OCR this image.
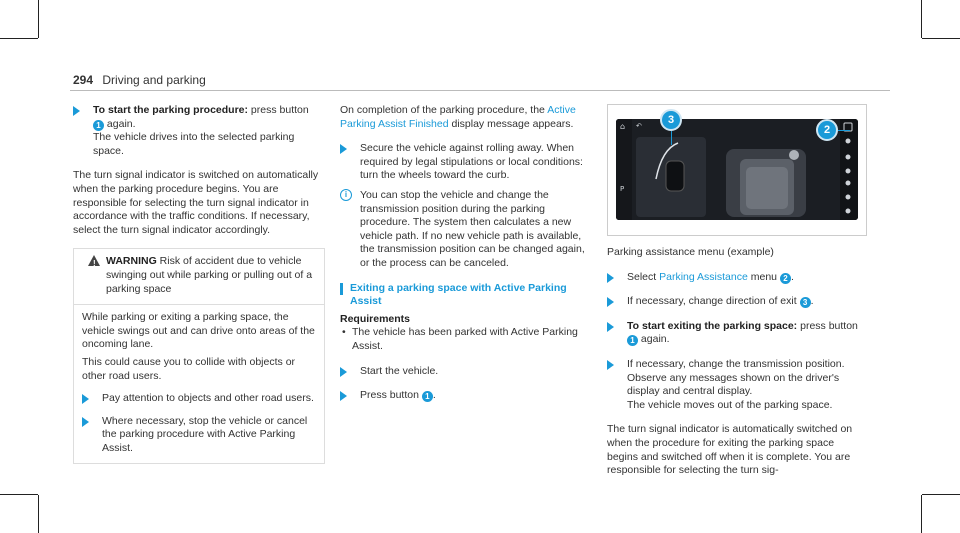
294 Driving and parking
To start the parking procedure: press button
1 again.
The vehicle drives into the selected parking space.

The turn signal indicator is switched on automatically when the parking procedure begins. You are responsible for selecting the turn signal indicator in accordance with the traffic conditions. If necessary, select the turn signal indicator accordingly.

! WARNING Risk of accident due to vehicle swinging out while parking or pulling out of a parking space

While parking or exiting a parking space, the vehicle swings out and can drive onto areas of the oncoming lane.

This could cause you to collide with objects or other road users.

Pay attention to objects and other road users.
Where necessary, stop the vehicle or cancel the parking procedure with Active Parking Assist.

On completion of the parking procedure, the Active Parking Assist Finished display message appears.

Secure the vehicle against rolling away. When required by legal stipulations or local conditions: turn the wheels toward the curb.
i	You can stop the vehicle and change the transmission position during the parking procedure. The system then calculates a new vehicle path. If no new vehicle path is available, the transmission position can be changed again, or the process can be canceled.
Exiting a parking space with Active Parking Assist
Requirements
• The vehicle has been parked with Active Parking Assist.
Start the vehicle.
Press button 1 .
⌂
P
↶	3
2

Parking assistance menu (example)

Select Parking Assistance menu 2 .
If necessary, change direction of exit 3 .
To start exiting the parking space: press button 1 again.
If necessary, change the transmission position. Observe any messages shown on the driver's display and central display.
The vehicle moves out of the parking space.

The turn signal indicator is automatically switched on when the procedure for exiting the parking space begins and switched off when it is complete. You are responsible for selecting the turn sig-
